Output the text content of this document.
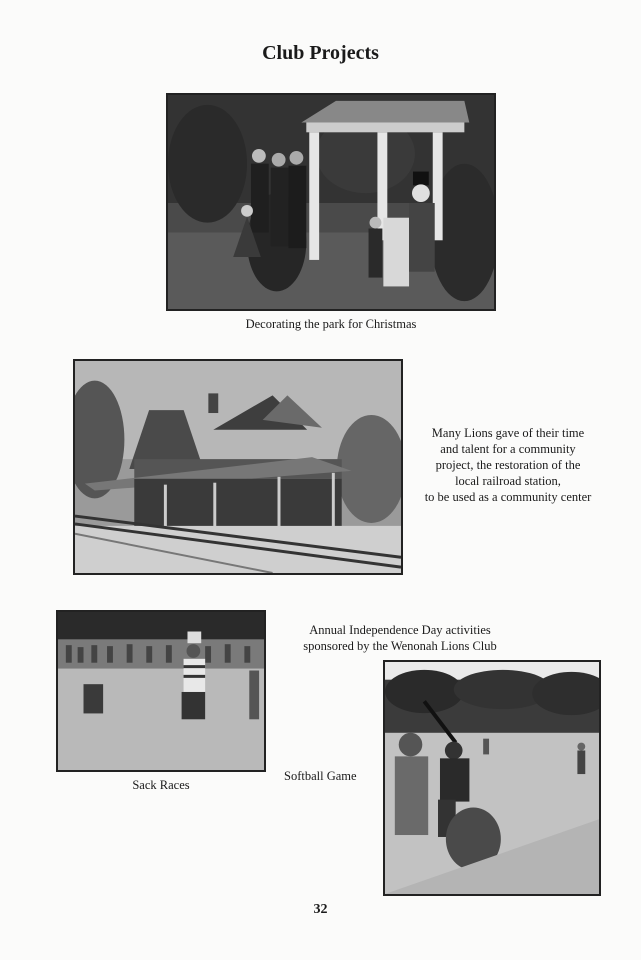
Club Projects
Decorating the park for Christmas
Many Lions gave of their time
and talent for a community
project, the restoration of the
local railroad station,
to be used as a community center
Annual Independence Day activities
sponsored by the Wenonah Lions Club
Sack Races
Softball Game
32
